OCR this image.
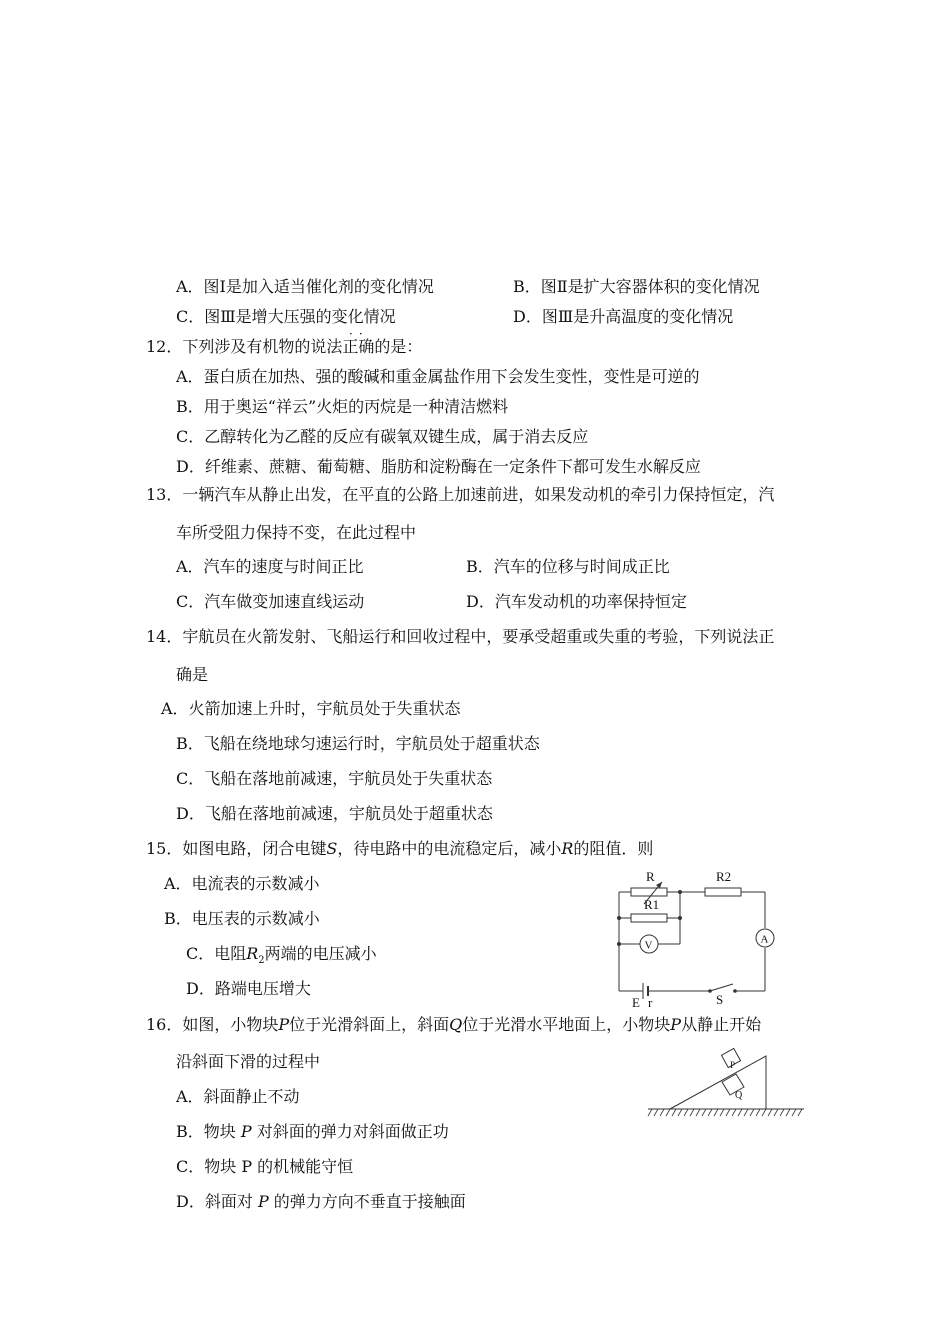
A．图Ⅰ是加入适当催化剂的变化情况	B．图Ⅱ是扩大容器体积的变化情况
C．图Ⅲ是增大压强的变化情况	D．图Ⅲ是升高温度的变化情况
··
12．下列涉及有机物的说法正确的是：
A．蛋白质在加热、强的酸碱和重金属盐作用下会发生变性，变性是可逆的
B．用于奥运“祥云”火炬的丙烷是一种清洁燃料
C．乙醇转化为乙醛的反应有碳氧双键生成，属于消去反应
D．纤维素、蔗糖、葡萄糖、脂肪和淀粉酶在一定条件下都可发生水解反应
13．一辆汽车从静止出发，在平直的公路上加速前进，如果发动机的牵引力保持恒定，汽
车所受阻力保持不变，在此过程中
A．汽车的速度与时间正比	B．汽车的位移与时间成正比
C．汽车做变加速直线运动	D．汽车发动机的功率保持恒定
14．宇航员在火箭发射、飞船运行和回收过程中，要承受超重或失重的考验，下列说法正
确是
A．火箭加速上升时，宇航员处于失重状态
B．飞船在绕地球匀速运行时，宇航员处于超重状态
C．飞船在落地前减速，宇航员处于失重状态
D．飞船在落地前减速，宇航员处于超重状态
15．如图电路，闭合电键S，待电路中的电流稳定后，减小R的阻值．则
A．电流表的示数减小
B．电压表的示数减小
C．电阻$R_2$两端的电压减小
D．路端电压增大
R	R2
R1
V	A
E r	S
16．如图，小物块P位于光滑斜面上，斜面Q位于光滑水平地面上，小物块P从静止开始
沿斜面下滑的过程中
A．斜面静止不动
B．物块 P 对斜面的弹力对斜面做正功
C．物块 P 的机械能守恒
D．斜面对 P 的弹力方向不垂直于接触面
P
Q
